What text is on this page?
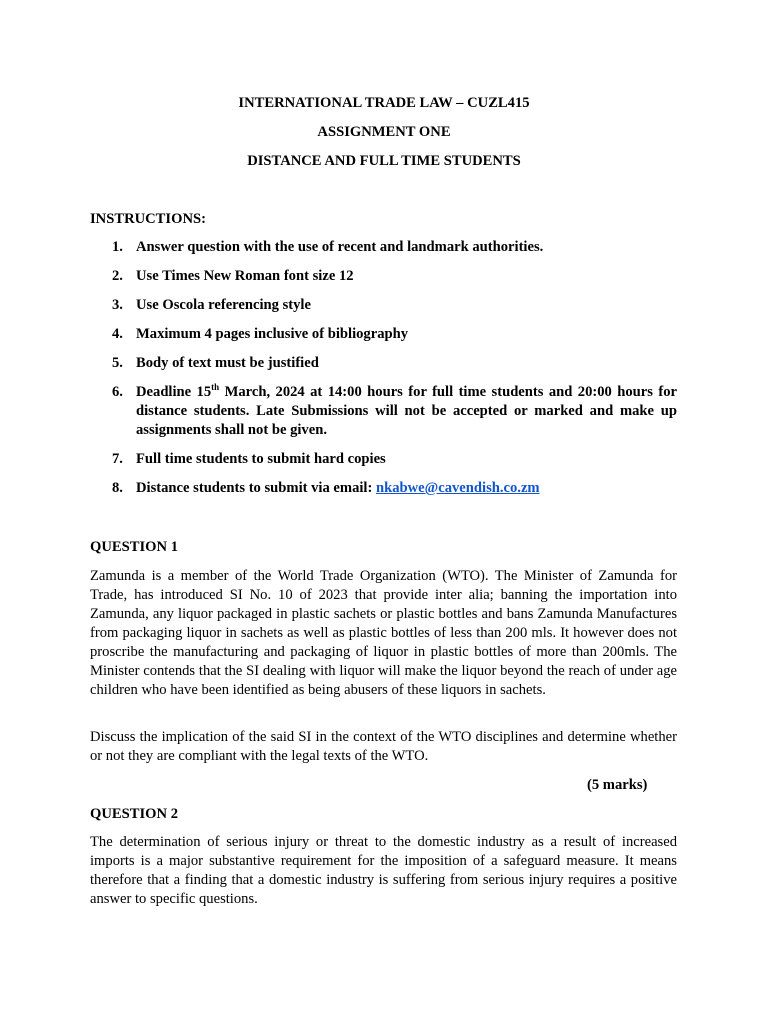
INTERNATIONAL TRADE LAW – CUZL415
ASSIGNMENT ONE
DISTANCE AND FULL TIME STUDENTS
INSTRUCTIONS:
1. Answer question with the use of recent and landmark authorities.
2. Use Times New Roman font size 12
3. Use Oscola referencing style
4. Maximum 4 pages inclusive of bibliography
5. Body of text must be justified
6. Deadline 15th March, 2024 at 14:00 hours for full time students and 20:00 hours for distance students. Late Submissions will not be accepted or marked and make up assignments shall not be given.
7. Full time students to submit hard copies
8. Distance students to submit via email: nkabwe@cavendish.co.zm
QUESTION 1

Zamunda is a member of the World Trade Organization (WTO). The Minister of Zamunda for Trade, has introduced SI No. 10 of 2023 that provide inter alia; banning the importation into Zamunda, any liquor packaged in plastic sachets or plastic bottles and bans Zamunda Manufactures from packaging liquor in sachets as well as plastic bottles of less than 200 mls. It however does not proscribe the manufacturing and packaging of liquor in plastic bottles of more than 200mls. The Minister contends that the SI dealing with liquor will make the liquor beyond the reach of under age children who have been identified as being abusers of these liquors in sachets.

Discuss the implication of the said SI in the context of the WTO disciplines and determine whether or not they are compliant with the legal texts of the WTO.

(5 marks)
QUESTION 2

The determination of serious injury or threat to the domestic industry as a result of increased imports is a major substantive requirement for the imposition of a safeguard measure. It means therefore that a finding that a domestic industry is suffering from serious injury requires a positive answer to specific questions.
